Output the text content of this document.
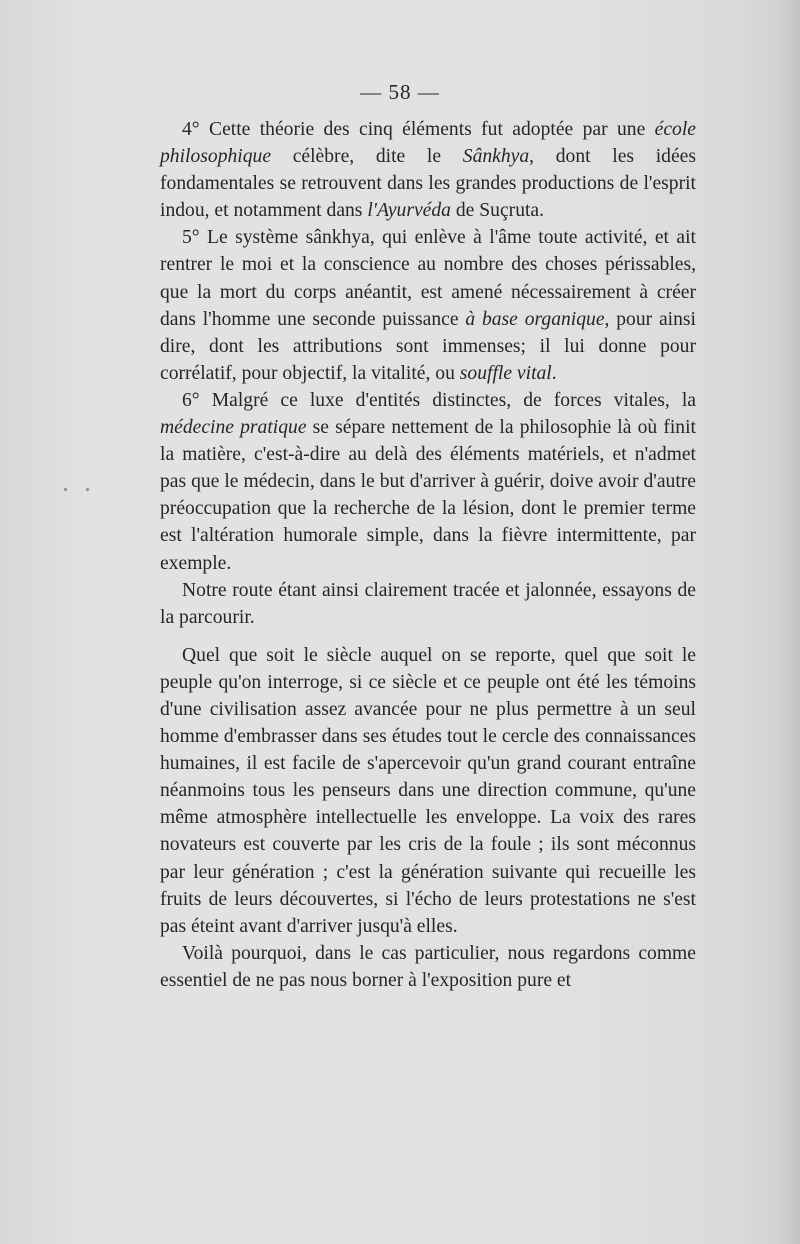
— 58 —

4° Cette théorie des cinq éléments fut adoptée par une école philosophique célèbre, dite le Sânkhya, dont les idées fondamentales se retrouvent dans les grandes productions de l'esprit indou, et notamment dans l'Ayurvéda de Suçruta.

5° Le système sânkhya, qui enlève à l'âme toute activité, et ait rentrer le moi et la conscience au nombre des choses périssables, que la mort du corps anéantit, est amené nécessairement à créer dans l'homme une seconde puissance à base organique, pour ainsi dire, dont les attributions sont immenses; il lui donne pour corrélatif, pour objectif, la vitalité, ou souffle vital.

6° Malgré ce luxe d'entités distinctes, de forces vitales, la médecine pratique se sépare nettement de la philosophie là où finit la matière, c'est-à-dire au delà des éléments matériels, et n'admet pas que le médecin, dans le but d'arriver à guérir, doive avoir d'autre préoccupation que la recherche de la lésion, dont le premier terme est l'altération humorale simple, dans la fièvre intermittente, par exemple.

Notre route étant ainsi clairement tracée et jalonnée, essayons de la parcourir.

Quel que soit le siècle auquel on se reporte, quel que soit le peuple qu'on interroge, si ce siècle et ce peuple ont été les témoins d'une civilisation assez avancée pour ne plus permettre à un seul homme d'embrasser dans ses études tout le cercle des connaissances humaines, il est facile de s'apercevoir qu'un grand courant entraîne néanmoins tous les penseurs dans une direction commune, qu'une même atmosphère intellectuelle les enveloppe. La voix des rares novateurs est couverte par les cris de la foule ; ils sont méconnus par leur génération ; c'est la génération suivante qui recueille les fruits de leurs découvertes, si l'écho de leurs protestations ne s'est pas éteint avant d'arriver jusqu'à elles.

Voilà pourquoi, dans le cas particulier, nous regardons comme essentiel de ne pas nous borner à l'exposition pure et
